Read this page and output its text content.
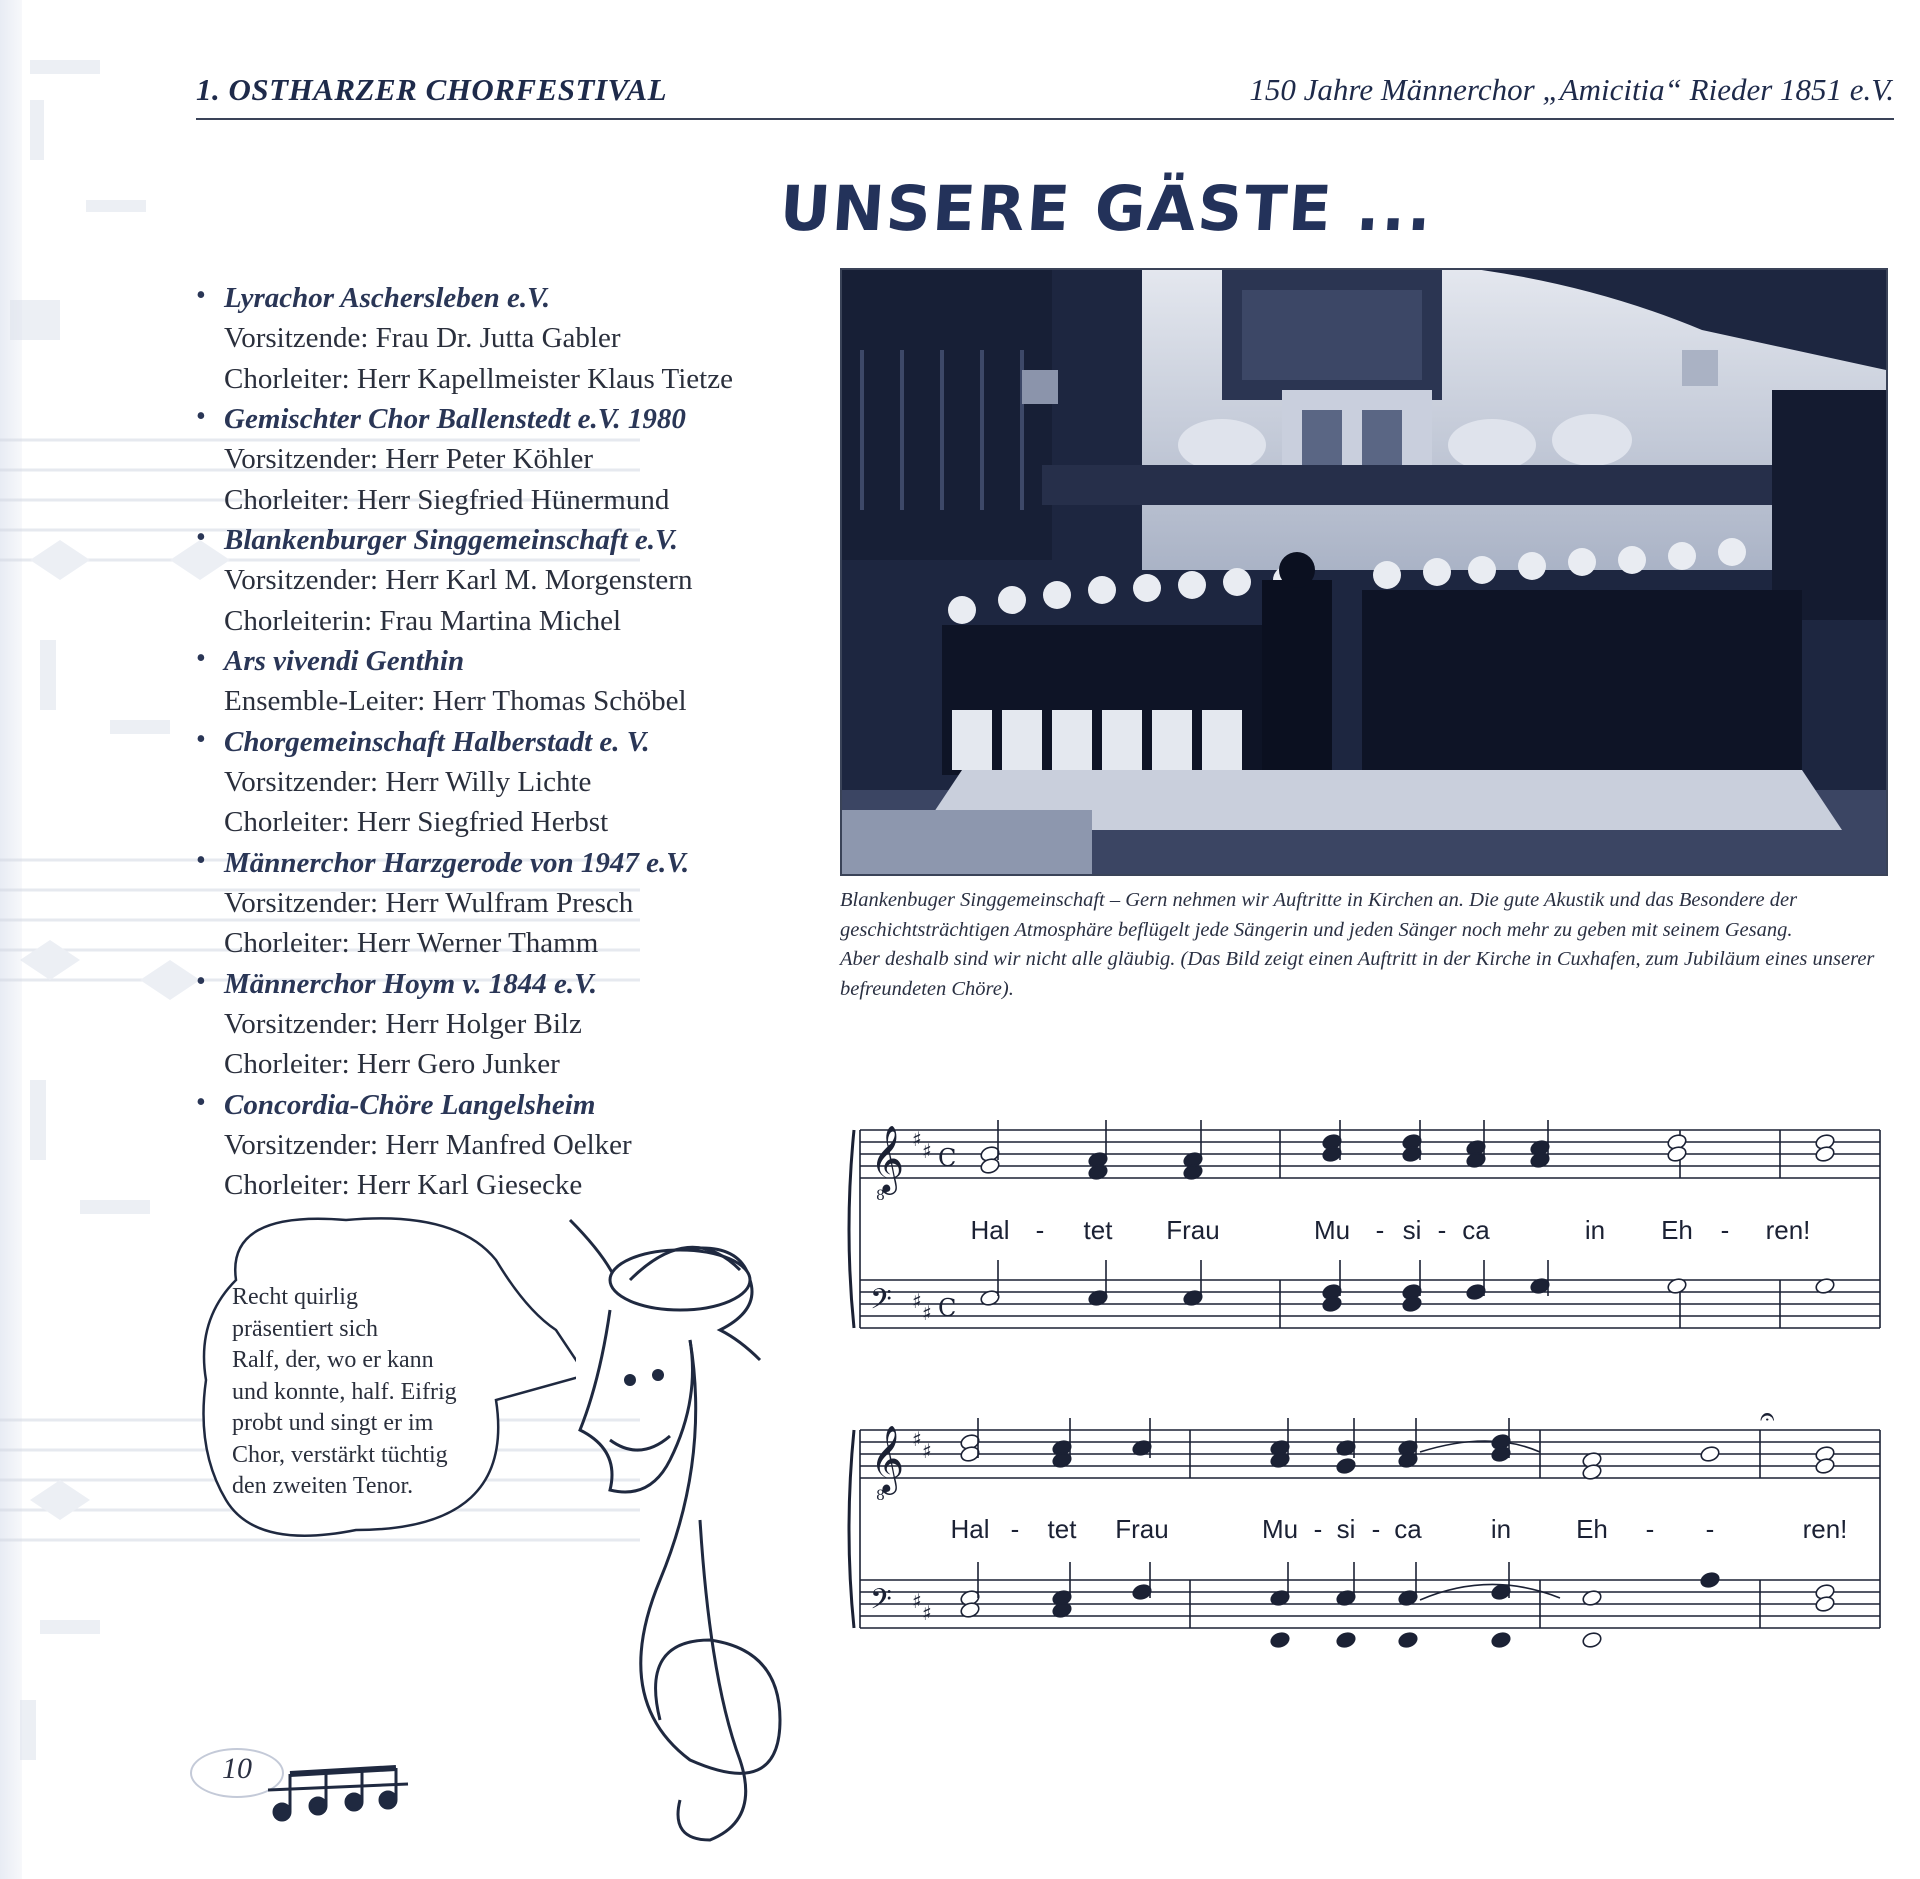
1. OSTHARZER CHORFESTIVAL	150 Jahre Männerchor „Amicitia“ Rieder 1851 e.V.
UNSERE GÄSTE ...
• Lyrachor Aschersleben e.V.
Vorsitzende: Frau Dr. Jutta Gabler
Chorleiter: Herr Kapellmeister Klaus Tietze
• Gemischter Chor Ballenstedt e.V. 1980
Vorsitzender: Herr Peter Köhler
Chorleiter: Herr Siegfried Hünermund
• Blankenburger Singgemeinschaft e.V.
Vorsitzender: Herr Karl M. Morgenstern
Chorleiterin: Frau Martina Michel
• Ars vivendi Genthin
Ensemble-Leiter: Herr Thomas Schöbel
• Chorgemeinschaft Halberstadt e. V.
Vorsitzender: Herr Willy Lichte
Chorleiter: Herr Siegfried Herbst
• Männerchor Harzgerode von 1947 e.V.
Vorsitzender: Herr Wulfram Presch
Chorleiter: Herr Werner Thamm
• Männerchor Hoym v. 1844 e.V.
Vorsitzender: Herr Holger Bilz
Chorleiter: Herr Gero Junker
• Concordia-Chöre Langelsheim
Vorsitzender: Herr Manfred Oelker
Chorleiter: Herr Karl Giesecke

Blankenbuger Singgemeinschaft – Gern nehmen wir Auftritte in Kirchen an. Die gute Akustik und das Besondere der geschichtsträchtigen Atmosphäre beflügelt jede Sängerin und jeden Sänger noch mehr zu geben mit seinem Gesang.

Aber deshalb sind wir nicht alle gläubig. (Das Bild zeigt einen Auftritt in der Kirche in Cuxhafen, zum Jubiläum eines unserer befreundeten Chöre).

𝄞
𝄞
𝄢
𝄢
♯ ♯
♯ ♯
♯ ♯
♯ ♯
C
C
8
8
𝄐
Hal - tet Frau	Mu - si - ca	in Eh - ren!
Hal - tet Frau	Mu - si - ca	in Eh - -	ren!
Recht quirlig
präsentiert sich
Ralf, der, wo er kann
und konnte, half. Eifrig
probt und singt er im
Chor, verstärkt tüchtig
den zweiten Tenor.
10
